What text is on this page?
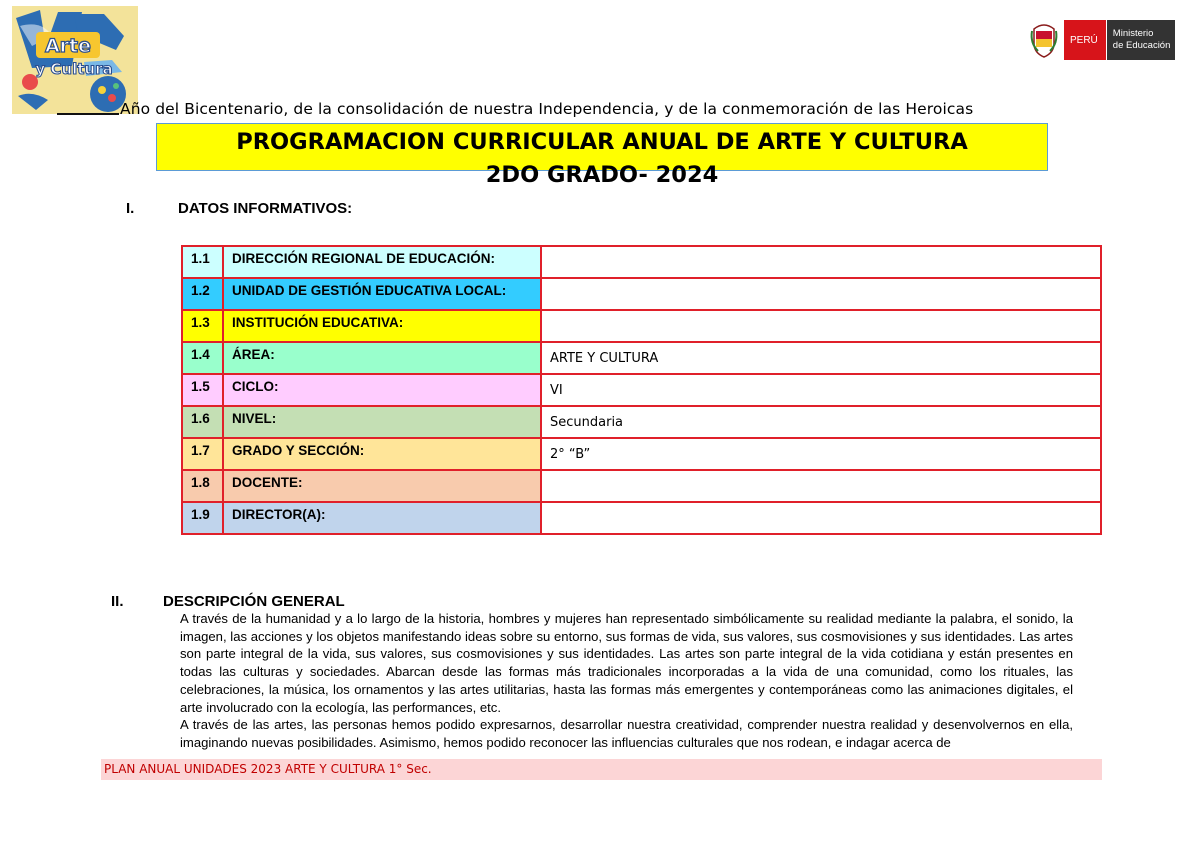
Arte
y Cultura
PERÚ
Ministerio
de Educación
Año del Bicentenario, de la consolidación de nuestra Independencia, y de la conmemoración de las Heroicas
PROGRAMACION CURRICULAR ANUAL DE ARTE Y CULTURA
2DO GRADO- 2024
I.	DATOS INFORMATIVOS:
1.1	DIRECCIÓN REGIONAL DE EDUCACIÓN:	
1.2	UNIDAD DE GESTIÓN EDUCATIVA LOCAL:	
1.3	INSTITUCIÓN EDUCATIVA:	
1.4	ÁREA:	ARTE Y CULTURA
1.5	CICLO:	VI
1.6	NIVEL:	Secundaria
1.7	GRADO Y SECCIÓN:	2° “B”
1.8	DOCENTE:	
1.9	DIRECTOR(A):	
II.	DESCRIPCIÓN GENERAL

A través de la humanidad y a lo largo de la historia, hombres y mujeres han representado simbólicamente su realidad mediante la palabra, el sonido, la imagen, las acciones y los objetos manifestando ideas sobre su entorno, sus formas de vida, sus valores, sus cosmovisiones y sus identidades. Las artes son parte integral de la vida, sus valores, sus cosmovisiones y sus identidades. Las artes son parte integral de la vida cotidiana y están presentes en todas las culturas y sociedades. Abarcan desde las formas más tradicionales incorporadas a la vida de una comunidad, como los rituales, las celebraciones, la música, los ornamentos y las artes utilitarias, hasta las formas más emergentes y contemporáneas como las animaciones digitales, el arte involucrado con la ecología, las performances, etc.

A través de las artes, las personas hemos podido expresarnos, desarrollar nuestra creatividad, comprender nuestra realidad y desenvolvernos en ella, imaginando nuevas posibilidades. Asimismo, hemos podido reconocer las influencias culturales que nos rodean, e indagar acerca de

PLAN ANUAL UNIDADES 2023 ARTE Y CULTURA 1° Sec.
